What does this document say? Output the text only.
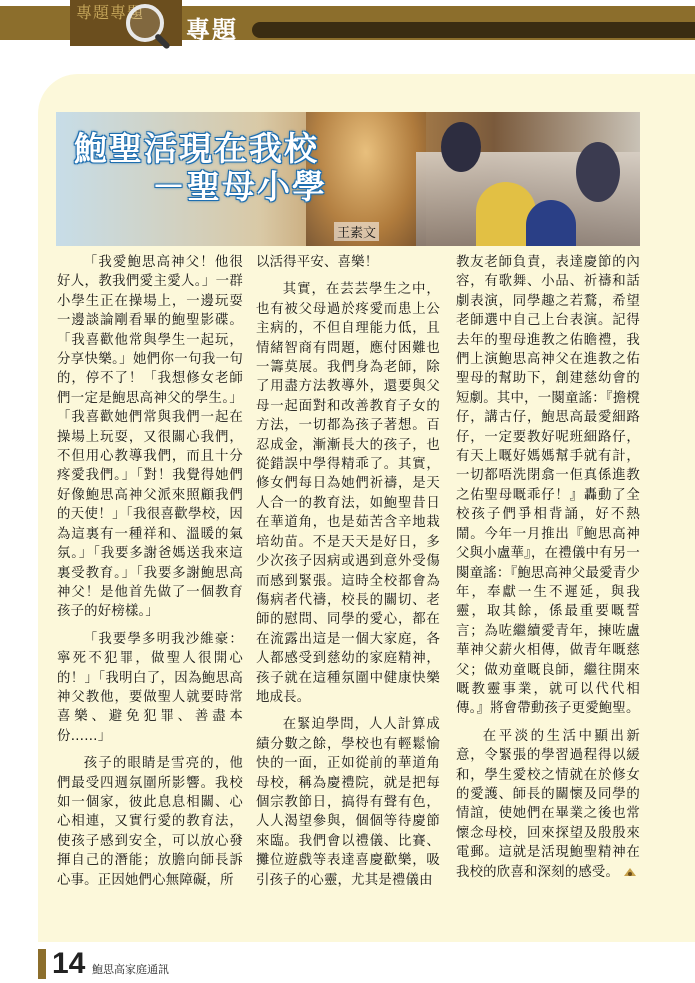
專題專題
專題
鮑聖活現在我校
－聖母小學
王素文

「我愛鮑思高神父！他很好人，教我們愛主愛人。」一群小學生正在操場上，一邊玩耍一邊談論剛看畢的鮑聖影碟。「我喜歡他常與學生一起玩，分享快樂。」她們你一句我一句的，停不了！「我想修女老師們一定是鮑思高神父的學生。」「我喜歡她們常與我們一起在操場上玩耍，又很關心我們，不但用心教導我們，而且十分疼愛我們。」「對！我覺得她們好像鮑思高神父派來照顧我們的天使！」「我很喜歡學校，因為這裏有一種祥和、溫暖的氣氛。」「我要多謝爸媽送我來這裏受教育。」「我要多謝鮑思高神父！是他首先做了一個教育孩子的好榜樣。」

「我要學多明我沙維豪：寧死不犯罪，做聖人很開心的！」「我明白了，因為鮑思高神父教他，要做聖人就要時常喜樂、避免犯罪、善盡本份……」

孩子的眼睛是雪亮的，他們最受四週氛圍所影響。我校如一個家，彼此息息相關、心心相連，又實行愛的教育法，使孩子感到安全，可以放心發揮自己的潛能；放膽向師長訴心事。正因她們心無障礙，所

以活得平安、喜樂！

其實，在芸芸學生之中，也有被父母過於疼愛而患上公主病的，不但自理能力低，且情緒智商有問題，應付困難也一籌莫展。我們身為老師，除了用盡方法教導外，還要與父母一起面對和改善教育子女的方法，一切都為孩子著想。百忍成金，漸漸長大的孩子，也從錯誤中學得精乖了。其實，修女們每日為她們祈禱，是天人合一的教育法，如鮑聖昔日在華道角，也是茹苦含辛地栽培幼苗。不是天天是好日，多少次孩子因病或遇到意外受傷而感到緊張。這時全校都會為傷病者代禱，校長的關切、老師的慰問、同學的愛心，都在在流露出這是一個大家庭，各人都感受到慈幼的家庭精神，孩子就在這種氛圍中健康快樂地成長。

在緊迫學問，人人計算成績分數之餘，學校也有輕鬆愉快的一面，正如從前的華道角母校，稱為慶禮院，就是把每個宗教節日，搞得有聲有色，人人渴望參與，個個等待慶節來臨。我們會以禮儀、比賽、攤位遊戲等表達喜慶歡樂，吸引孩子的心靈，尤其是禮儀由

教友老師負責，表達慶節的內容，有歌舞、小品、祈禱和話劇表演，同學趣之若鶩，希望老師選中自己上台表演。記得去年的聖母進教之佑瞻禮，我們上演鮑思高神父在進教之佑聖母的幫助下，創建慈幼會的短劇。其中，一闋童謠：『擔櫈仔，講古仔，鮑思高最愛細路仔，一定要教好呢班細路仔，有天上嘅好媽媽幫手就有計，一切都唔洗閉翕一佢真係進教之佑聖母嘅乖仔！』轟動了全校孩子們爭相背誦，好不熱鬧。今年一月推出『鮑思高神父與小盧華』，在禮儀中有另一闋童謠：『鮑思高神父最愛青少年，奉獻一生不遲延，與我靈，取其餘，係最重要嘅誓言；為咗繼續愛青年，揀咗盧華神父薪火相傳，做青年嘅慈父；做劝童嘅良師，繼往開來嘅教靈事業，就可以代代相傳。』將會帶動孩子更愛鮑聖。

在平淡的生活中顯出新意，令緊張的學習過程得以緩和，學生愛校之情就在於修女的愛護、師長的關懷及同學的情誼，使她們在畢業之後也常懷念母校，回來探望及殷殷來電郵。這就是活現鮑聖精神在我校的欣喜和深刻的感受。

14 鮑思高家庭通訊
